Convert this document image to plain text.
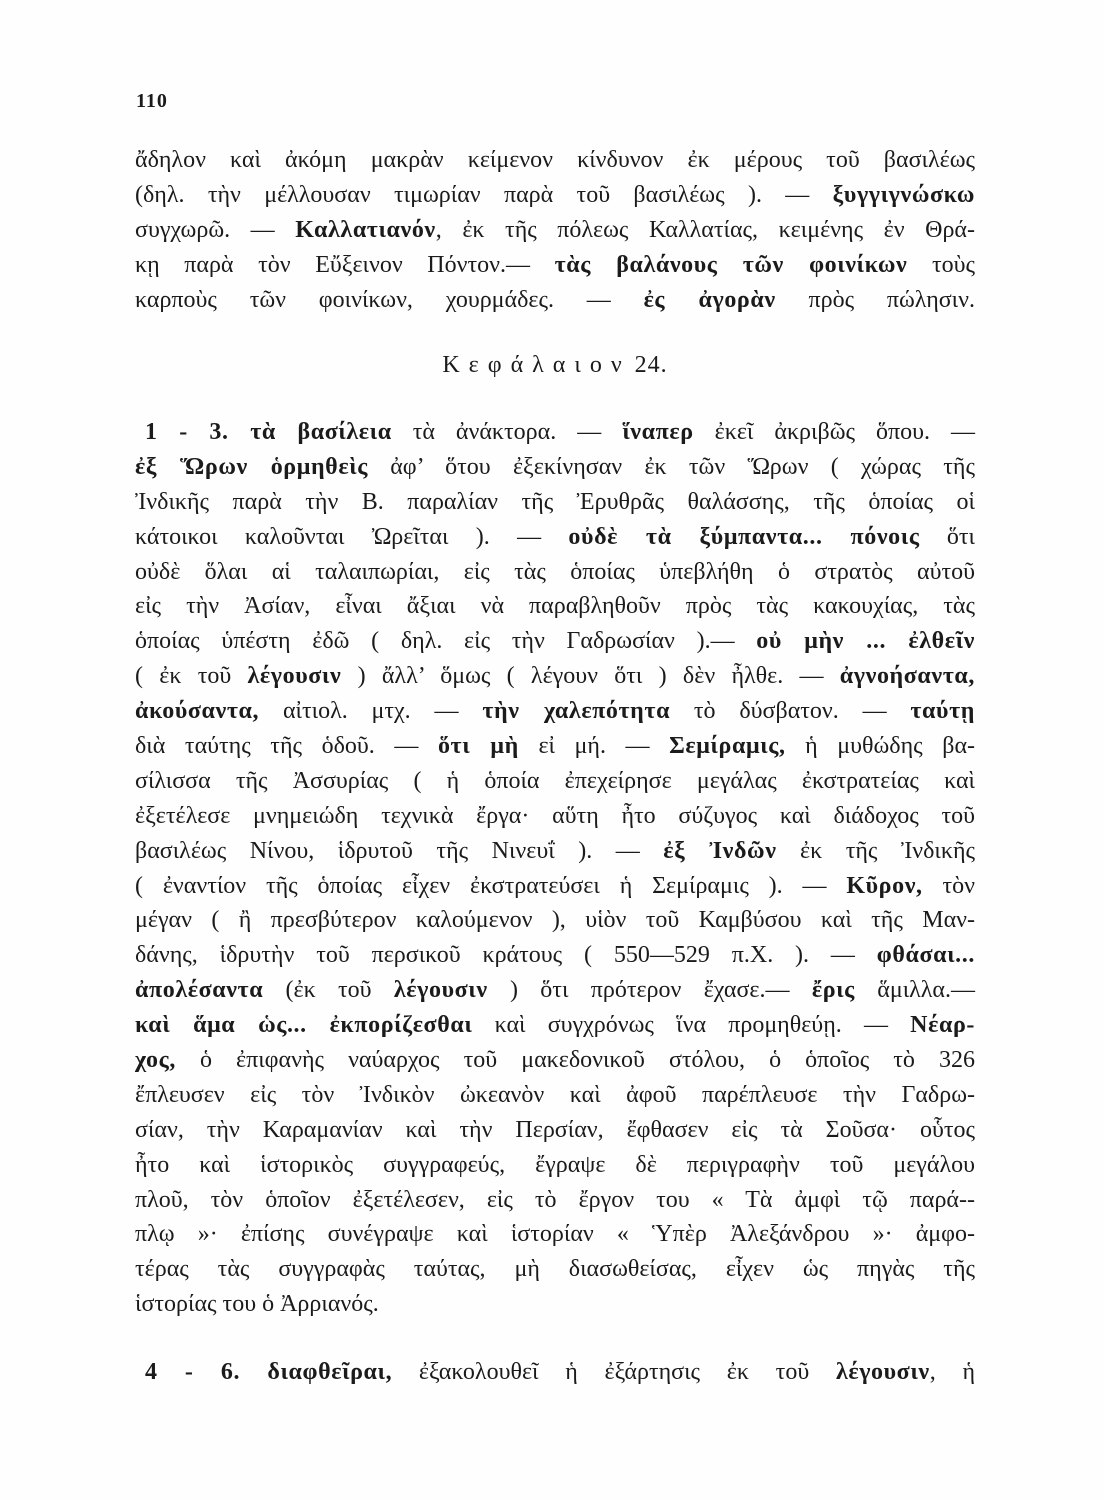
110
ἄδηλον καὶ ἀκόμη μακρὰν κείμενον κίνδυνον ἐκ μέρους τοῦ βασιλέως
(δηλ. τὴν μέλλουσαν τιμωρίαν παρὰ τοῦ βασιλέως ). — ξυγγιγνώσκω
συγχωρῶ. — Καλλατιανόν, ἐκ τῆς πόλεως Καλλατίας, κειμένης ἐν Θρά-
κῃ παρὰ τὸν Εὔξεινον Πόντον.— τὰς βαλάνους τῶν φοινίκων τοὺς
καρποὺς τῶν φοινίκων, χουρμάδες. — ἐς ἀγορὰν πρὸς πώλησιν.
Κεφάλαιον 24.
1 - 3. τὰ βασίλεια τὰ ἀνάκτορα. — ἵναπερ ἐκεῖ ἀκριβῶς ὅπου. —
ἐξ Ὥρων ὁρμηθεὶς ἀφ’ ὅτου ἐξεκίνησαν ἐκ τῶν Ὥρων ( χώρας τῆς
Ἰνδικῆς παρὰ τὴν Β. παραλίαν τῆς Ἐρυθρᾶς θαλάσσης, τῆς ὁποίας οἱ
κάτοικοι καλοῦνται Ὠρεῖται ). — οὐδὲ τὰ ξύμπαντα... πόνοις ὅτι
οὐδὲ ὅλαι αἱ ταλαιπωρίαι, εἰς τὰς ὁποίας ὑπεβλήθη ὁ στρατὸς αὐτοῦ
εἰς τὴν Ἀσίαν, εἶναι ἄξιαι νὰ παραβληθοῦν πρὸς τὰς κακουχίας, τὰς
ὁποίας ὑπέστη ἐδῶ ( δηλ. εἰς τὴν Γαδρωσίαν ).— οὐ μὴν ... ἐλθεῖν
( ἐκ τοῦ λέγουσιν ) ἄλλ’ ὅμως ( λέγουν ὅτι ) δὲν ἦλθε. — ἀγνοήσαντα,
ἀκούσαντα, αἰτιολ. μτχ. — τὴν χαλεπότητα τὸ δύσβατον. — ταύτῃ
διὰ ταύτης τῆς ὁδοῦ. — ὅτι μὴ εἰ μή. — Σεμίραμις, ἡ μυθώδης βα-
σίλισσα τῆς Ἀσσυρίας ( ἡ ὁποία ἐπεχείρησε μεγάλας ἐκστρατείας καὶ
ἐξετέλεσε μνημειώδη τεχνικὰ ἔργα· αὕτη ἦτο σύζυγος καὶ διάδοχος τοῦ
βασιλέως Νίνου, ἱδρυτοῦ τῆς Νινευΐ ). — ἐξ Ἰνδῶν ἐκ τῆς Ἰνδικῆς
( ἐναντίον τῆς ὁποίας εἶχεν ἐκστρατεύσει ἡ Σεμίραμις ). — Κῦρον, τὸν
μέγαν ( ἢ πρεσβύτερον καλούμενον ), υἱὸν τοῦ Καμβύσου καὶ τῆς Μαν-
δάνης, ἱδρυτὴν τοῦ περσικοῦ κράτους ( 550—529 π.Χ. ). — φθάσαι...
ἀπολέσαντα (ἐκ τοῦ λέγουσιν ) ὅτι πρότερον ἔχασε.— ἔρις ἅμιλλα.—
καὶ ἅμα ὡς... ἐκπορίζεσθαι καὶ συγχρόνως ἵνα προμηθεύῃ. — Νέαρ-
χος, ὁ ἐπιφανὴς ναύαρχος τοῦ μακεδονικοῦ στόλου, ὁ ὁποῖος τὸ 326
ἔπλευσεν εἰς τὸν Ἰνδικὸν ὠκεανὸν καὶ ἀφοῦ παρέπλευσε τὴν Γαδρω-
σίαν, τὴν Καραμανίαν καὶ τὴν Περσίαν, ἔφθασεν εἰς τὰ Σοῦσα· οὗτος
ἦτο καὶ ἱστορικὸς συγγραφεύς, ἔγραψε δὲ περιγραφὴν τοῦ μεγάλου
πλοῦ, τὸν ὁποῖον ἐξετέλεσεν, εἰς τὸ ἔργον του « Τὰ ἀμφὶ τῷ παρά--
πλῳ »· ἐπίσης συνέγραψε καὶ ἱστορίαν « Ὑπὲρ Ἀλεξάνδρου »· ἀμφο-
τέρας τὰς συγγραφὰς ταύτας, μὴ διασωθείσας, εἶχεν ὡς πηγὰς τῆς
ἱστορίας του ὁ Ἀρριανός.
4 - 6. διαφθεῖραι, ἐξακολουθεῖ ἡ ἐξάρτησις ἐκ τοῦ λέγουσιν, ἡ
